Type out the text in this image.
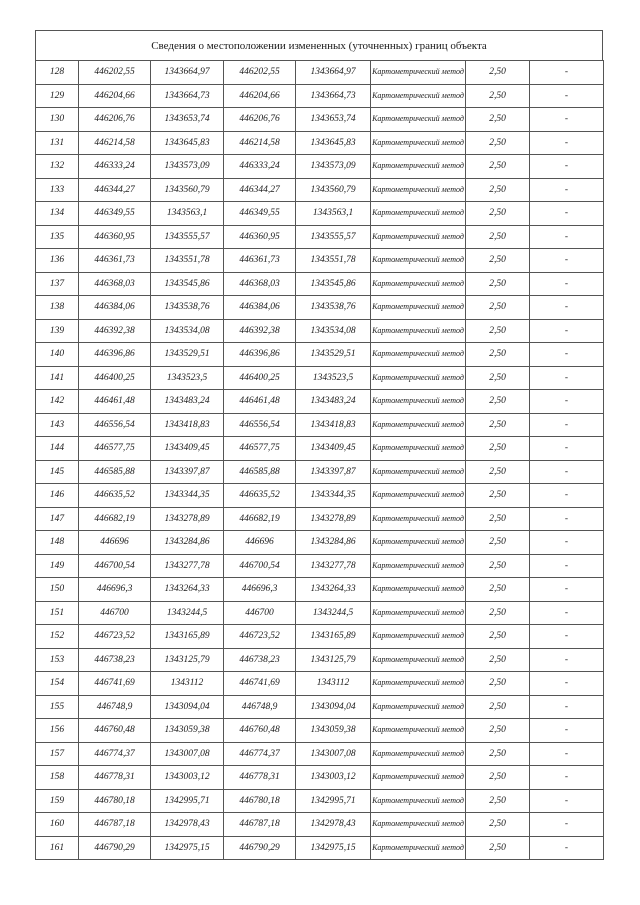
Сведения о местоположении измененных (уточненных) границ объекта
128	446202,55	1343664,97	446202,55	1343664,97	Картометрический метод	2,50	-
129	446204,66	1343664,73	446204,66	1343664,73	Картометрический метод	2,50	-
130	446206,76	1343653,74	446206,76	1343653,74	Картометрический метод	2,50	-
131	446214,58	1343645,83	446214,58	1343645,83	Картометрический метод	2,50	-
132	446333,24	1343573,09	446333,24	1343573,09	Картометрический метод	2,50	-
133	446344,27	1343560,79	446344,27	1343560,79	Картометрический метод	2,50	-
134	446349,55	1343563,1	446349,55	1343563,1	Картометрический метод	2,50	-
135	446360,95	1343555,57	446360,95	1343555,57	Картометрический метод	2,50	-
136	446361,73	1343551,78	446361,73	1343551,78	Картометрический метод	2,50	-
137	446368,03	1343545,86	446368,03	1343545,86	Картометрический метод	2,50	-
138	446384,06	1343538,76	446384,06	1343538,76	Картометрический метод	2,50	-
139	446392,38	1343534,08	446392,38	1343534,08	Картометрический метод	2,50	-
140	446396,86	1343529,51	446396,86	1343529,51	Картометрический метод	2,50	-
141	446400,25	1343523,5	446400,25	1343523,5	Картометрический метод	2,50	-
142	446461,48	1343483,24	446461,48	1343483,24	Картометрический метод	2,50	-
143	446556,54	1343418,83	446556,54	1343418,83	Картометрический метод	2,50	-
144	446577,75	1343409,45	446577,75	1343409,45	Картометрический метод	2,50	-
145	446585,88	1343397,87	446585,88	1343397,87	Картометрический метод	2,50	-
146	446635,52	1343344,35	446635,52	1343344,35	Картометрический метод	2,50	-
147	446682,19	1343278,89	446682,19	1343278,89	Картометрический метод	2,50	-
148	446696	1343284,86	446696	1343284,86	Картометрический метод	2,50	-
149	446700,54	1343277,78	446700,54	1343277,78	Картометрический метод	2,50	-
150	446696,3	1343264,33	446696,3	1343264,33	Картометрический метод	2,50	-
151	446700	1343244,5	446700	1343244,5	Картометрический метод	2,50	-
152	446723,52	1343165,89	446723,52	1343165,89	Картометрический метод	2,50	-
153	446738,23	1343125,79	446738,23	1343125,79	Картометрический метод	2,50	-
154	446741,69	1343112	446741,69	1343112	Картометрический метод	2,50	-
155	446748,9	1343094,04	446748,9	1343094,04	Картометрический метод	2,50	-
156	446760,48	1343059,38	446760,48	1343059,38	Картометрический метод	2,50	-
157	446774,37	1343007,08	446774,37	1343007,08	Картометрический метод	2,50	-
158	446778,31	1343003,12	446778,31	1343003,12	Картометрический метод	2,50	-
159	446780,18	1342995,71	446780,18	1342995,71	Картометрический метод	2,50	-
160	446787,18	1342978,43	446787,18	1342978,43	Картометрический метод	2,50	-
161	446790,29	1342975,15	446790,29	1342975,15	Картометрический метод	2,50	-
